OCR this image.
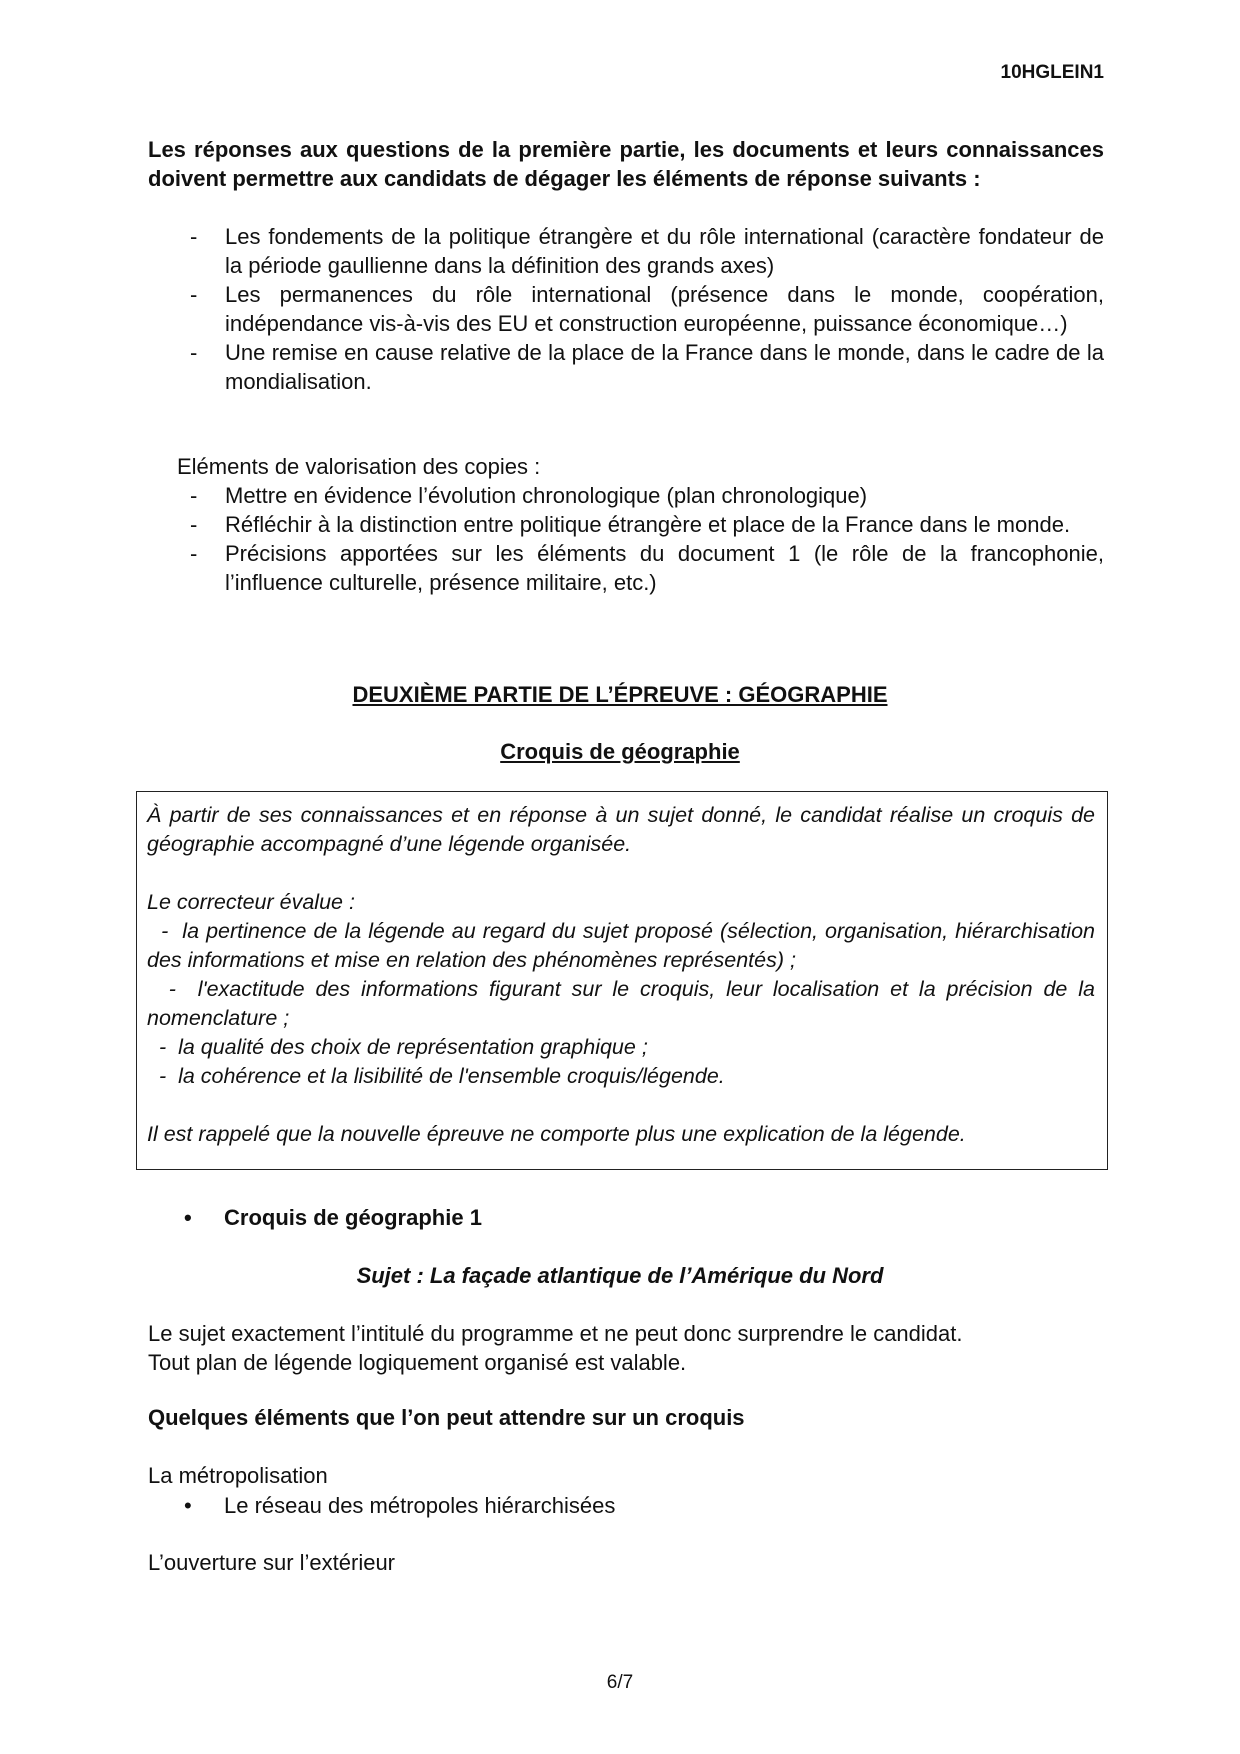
10HGLEIN1
Les réponses aux questions de la première partie, les documents et leurs connaissances doivent permettre aux candidats de dégager les éléments de réponse suivants :
- Les fondements de la politique étrangère et du rôle international (caractère fondateur de la période gaullienne dans la définition des grands axes)
- Les permanences du rôle international (présence dans le monde, coopération, indépendance vis-à-vis des EU et construction européenne, puissance économique…)
- Une remise en cause relative de la place de la France dans le monde, dans le cadre de la mondialisation.
Eléments de valorisation des copies :
- Mettre en évidence l’évolution chronologique (plan chronologique)
- Réfléchir à la distinction entre politique étrangère et place de la France dans le monde.
- Précisions apportées sur les éléments du document 1 (le rôle de la francophonie, l’influence culturelle, présence militaire, etc.)
DEUXIÈME PARTIE DE L’ÉPREUVE : GÉOGRAPHIE
Croquis de géographie

À partir de ses connaissances et en réponse à un sujet donné, le candidat réalise un croquis de géographie accompagné d’une légende organisée.

Le correcteur évalue :

-  la pertinence de la légende au regard du sujet proposé (sélection, organisation, hiérarchisation des informations et mise en relation des phénomènes représentés) ;

-  l'exactitude des informations figurant sur le croquis, leur localisation et la précision de la nomenclature ;

-  la qualité des choix de représentation graphique ;

-  la cohérence et la lisibilité de l'ensemble croquis/légende.

Il est rappelé que la nouvelle épreuve ne comporte plus une explication de la légende.

• Croquis de géographie 1
Sujet : La façade atlantique de l’Amérique du Nord

Le sujet exactement l’intitulé du programme et ne peut donc surprendre le candidat.

Tout plan de légende logiquement organisé est valable.

Quelques éléments que l’on peut attendre sur un croquis
La métropolisation
• Le réseau des métropoles hiérarchisées
L’ouverture sur l’extérieur
6/7
